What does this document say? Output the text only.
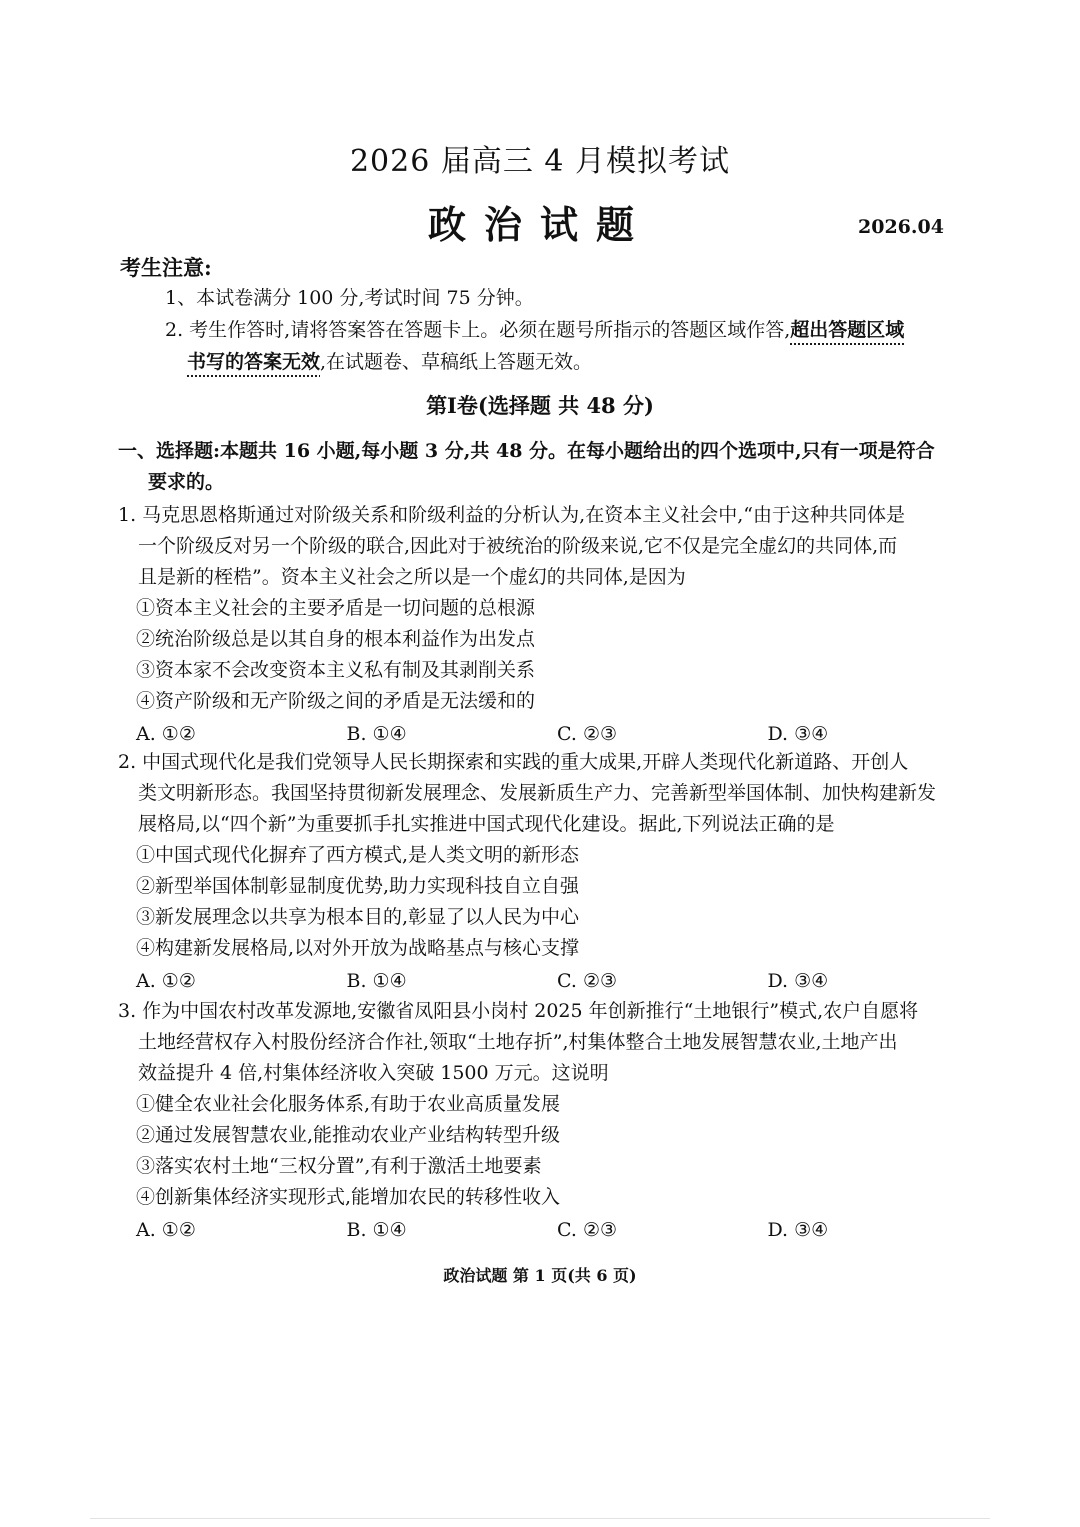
2026 届高三 4 月模拟考试
政治试题	2026.04
考生注意:
1、本试卷满分 100 分,考试时间 75 分钟。
2. 考生作答时,请将答案答在答题卡上。必须在题号所指示的答题区域作答,超出答题区域
书写的答案无效,在试题卷、草稿纸上答题无效。
第Ⅰ卷(选择题 共 48 分)
一、选择题:本题共 16 小题,每小题 3 分,共 48 分。在每小题给出的四个选项中,只有一项是符合
要求的。
1. 马克思恩格斯通过对阶级关系和阶级利益的分析认为,在资本主义社会中,“由于这种共同体是
一个阶级反对另一个阶级的联合,因此对于被统治的阶级来说,它不仅是完全虚幻的共同体,而
且是新的桎梏”。资本主义社会之所以是一个虚幻的共同体,是因为
①资本主义社会的主要矛盾是一切问题的总根源
②统治阶级总是以其自身的根本利益作为出发点
③资本家不会改变资本主义私有制及其剥削关系
④资产阶级和无产阶级之间的矛盾是无法缓和的
A. ①②	B. ①④	C. ②③	D. ③④
2. 中国式现代化是我们党领导人民长期探索和实践的重大成果,开辟人类现代化新道路、开创人
类文明新形态。我国坚持贯彻新发展理念、发展新质生产力、完善新型举国体制、加快构建新发
展格局,以“四个新”为重要抓手扎实推进中国式现代化建设。据此,下列说法正确的是
①中国式现代化摒弃了西方模式,是人类文明的新形态
②新型举国体制彰显制度优势,助力实现科技自立自强
③新发展理念以共享为根本目的,彰显了以人民为中心
④构建新发展格局,以对外开放为战略基点与核心支撑
A. ①②	B. ①④	C. ②③	D. ③④
3. 作为中国农村改革发源地,安徽省凤阳县小岗村 2025 年创新推行“土地银行”模式,农户自愿将
土地经营权存入村股份经济合作社,领取“土地存折”,村集体整合土地发展智慧农业,土地产出
效益提升 4 倍,村集体经济收入突破 1500 万元。这说明
①健全农业社会化服务体系,有助于农业高质量发展
②通过发展智慧农业,能推动农业产业结构转型升级
③落实农村土地“三权分置”,有利于激活土地要素
④创新集体经济实现形式,能增加农民的转移性收入
A. ①②	B. ①④	C. ②③	D. ③④
政治试题 第 1 页(共 6 页)
